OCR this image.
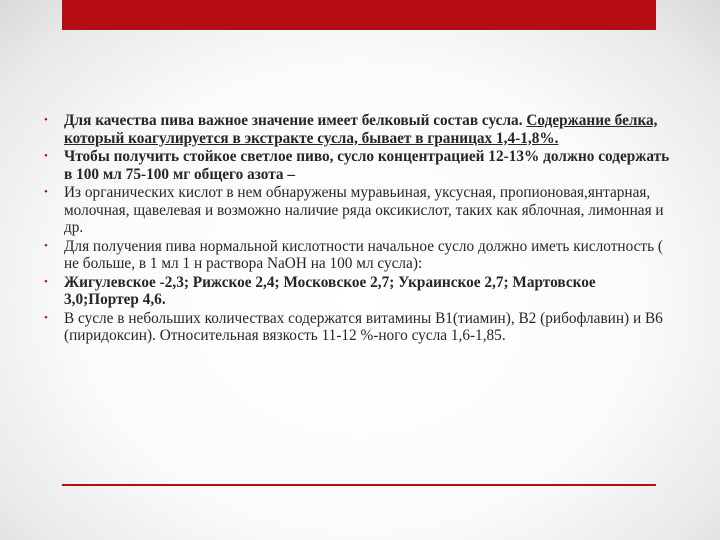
• Для качества пива важное значение имеет белковый состав сусла. Содержание белка, который коагулируется в экстракте сусла, бывает в границах 1,4-1,8%.
• Чтобы получить стойкое светлое пиво, сусло концентрацией 12-13% должно содержать в 100 мл 75-100 мг общего азота –
• Из органических кислот в нем обнаружены муравьиная, уксусная, пропионовая,янтарная, молочная, щавелевая и возможно наличие ряда оксикислот, таких как яблочная, лимонная и др.
• Для получения пива нормальной кислотности начальное сусло должно иметь кислотность ( не больше, в 1 мл 1 н раствора NaOH на 100 мл сусла):
• Жигулевское -2,3; Рижское 2,4; Московское 2,7; Украинское 2,7; Мартовское 3,0;Портер 4,6.
• В сусле в небольших количествах содержатся витамины B1(тиамин), B2 (рибофлавин) и B6 (пиридоксин). Относительная вязкость 11-12 %-ного сусла 1,6-1,85.
